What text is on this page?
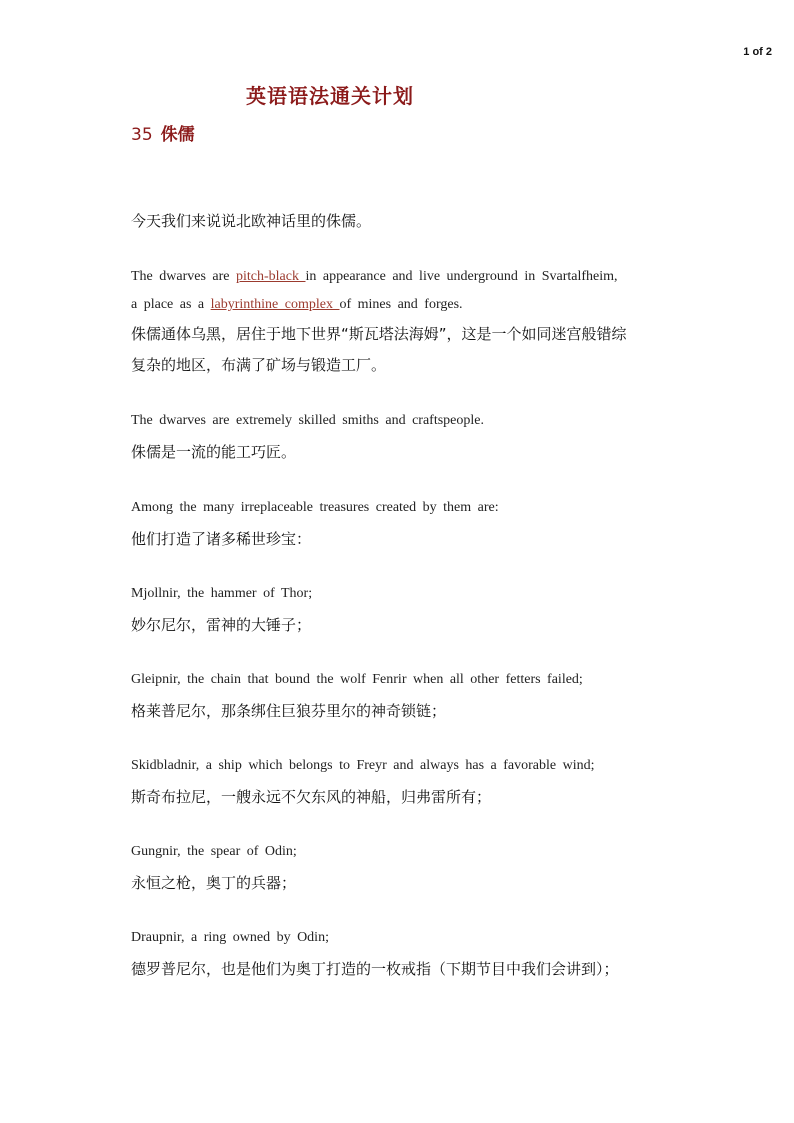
1 of 2
英语语法通关计划
35 侏儒
今天我们来说说北欧神话里的侏儒。
The dwarves are pitch-black in appearance and live underground in Svartalfheim,
a place as a labyrinthine complex of mines and forges.
侏儒通体乌黑，居住于地下世界“斯瓦塔法海姆”，这是一个如同迷宫般错综
复杂的地区，布满了矿场与锻造工厂。
The dwarves are extremely skilled smiths and craftspeople.
侏儒是一流的能工巧匠。
Among the many irreplaceable treasures created by them are:
他们打造了诸多稀世珍宝：
Mjollnir, the hammer of Thor;
妙尔尼尔，雷神的大锤子；
Gleipnir, the chain that bound the wolf Fenrir when all other fetters failed;
格莱普尼尔，那条绑住巨狼芬里尔的神奇锁链；
Skidbladnir, a ship which belongs to Freyr and always has a favorable wind;
斯奇布拉尼，一艘永远不欠东风的神船，归弗雷所有；
Gungnir, the spear of Odin;
永恒之枪，奥丁的兵器；
Draupnir, a ring owned by Odin;
德罗普尼尔，也是他们为奥丁打造的一枚戒指（下期节目中我们会讲到）；
